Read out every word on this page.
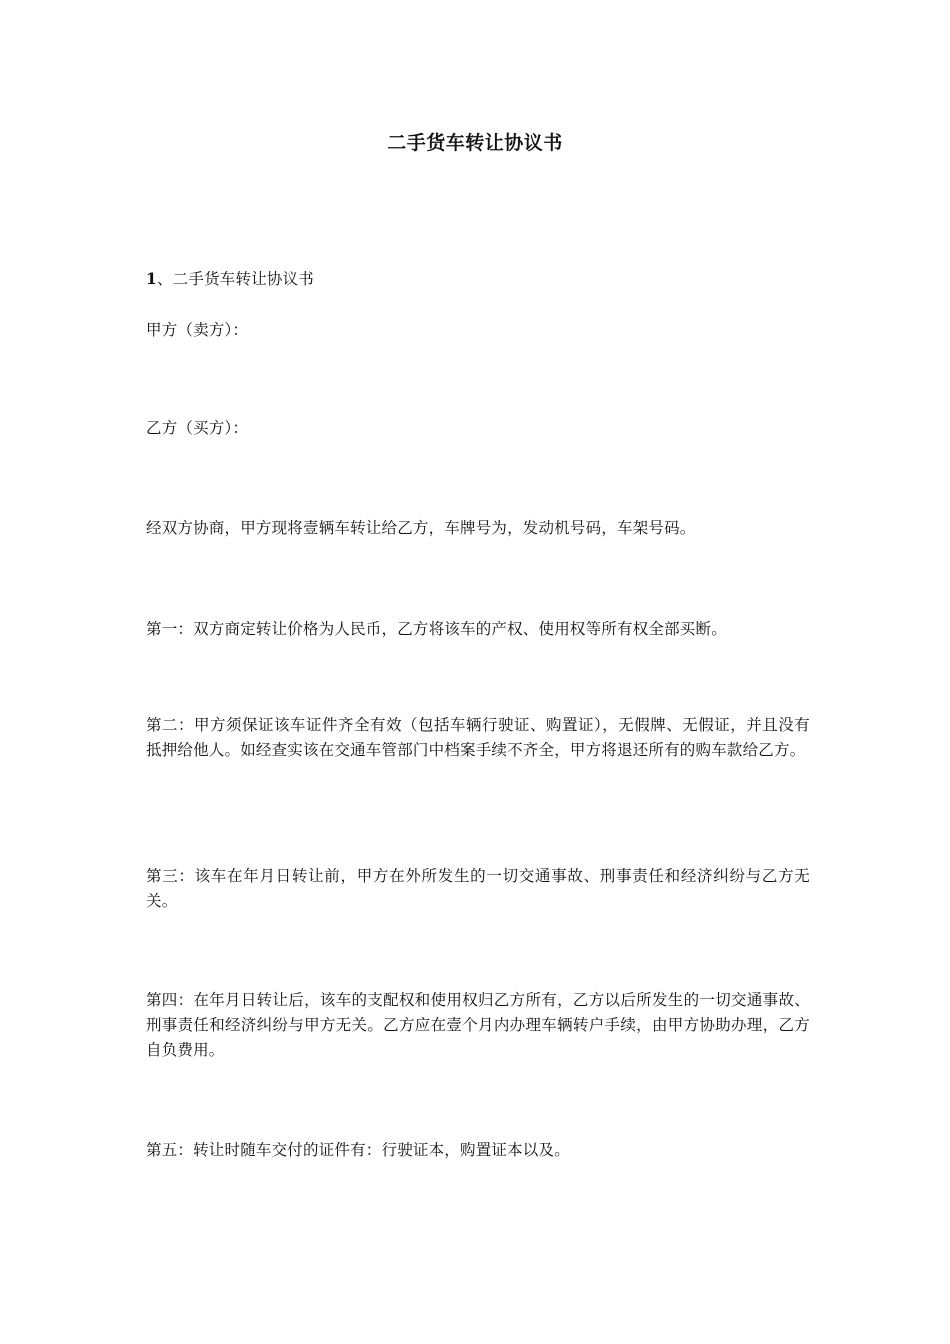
二手货车转让协议书
1、二手货车转让协议书
甲方（卖方）：
乙方（买方）：
经双方协商，甲方现将壹辆车转让给乙方，车牌号为，发动机号码，车架号码。
第一：双方商定转让价格为人民币，乙方将该车的产权、使用权等所有权全部买断。
第二：甲方须保证该车证件齐全有效（包括车辆行驶证、购置证），无假牌、无假证，并且没有抵押给他人。如经查实该在交通车管部门中档案手续不齐全，甲方将退还所有的购车款给乙方。
第三：该车在年月日转让前，甲方在外所发生的一切交通事故、刑事责任和经济纠纷与乙方无关。
第四：在年月日转让后，该车的支配权和使用权归乙方所有，乙方以后所发生的一切交通事故、刑事责任和经济纠纷与甲方无关。乙方应在壹个月内办理车辆转户手续，由甲方协助办理，乙方自负费用。
第五：转让时随车交付的证件有：行驶证本，购置证本以及。
